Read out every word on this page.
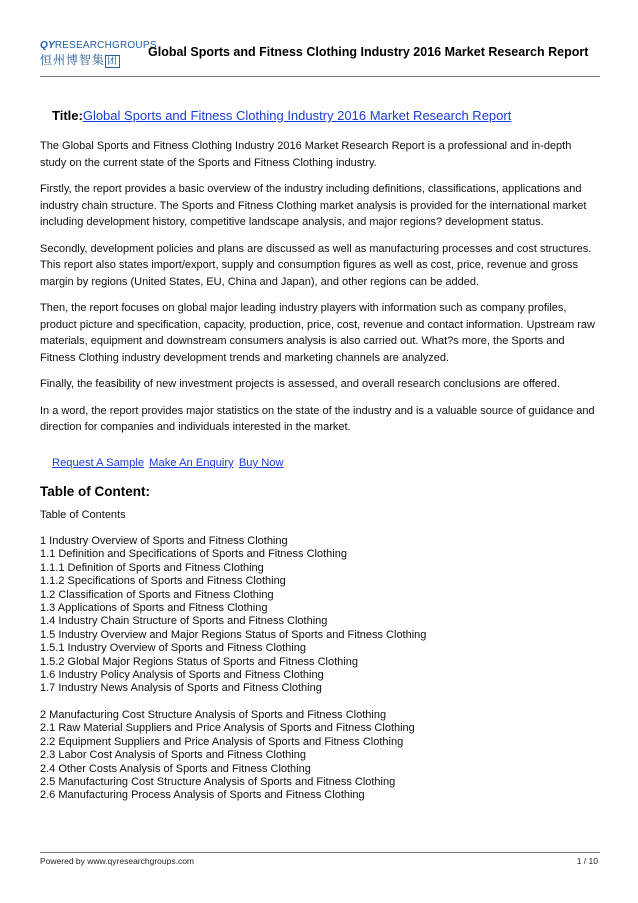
QYRESEARCHGROUPS
恒州博智集 团
Global Sports and Fitness Clothing Industry 2016 Market Research Report
Title:Global Sports and Fitness Clothing Industry 2016 Market Research Report

The Global Sports and Fitness Clothing Industry 2016 Market Research Report is a professional and in-depth study on the current state of the Sports and Fitness Clothing industry.

Firstly, the report provides a basic overview of the industry including definitions, classifications, applications and industry chain structure. The Sports and Fitness Clothing market analysis is provided for the international market including development history, competitive landscape analysis, and major regions? development status.

Secondly, development policies and plans are discussed as well as manufacturing processes and cost structures. This report also states import/export, supply and consumption figures as well as cost, price, revenue and gross margin by regions (United States, EU, China and Japan), and other regions can be added.

Then, the report focuses on global major leading industry players with information such as company profiles, product picture and specification, capacity, production, price, cost, revenue and contact information. Upstream raw materials, equipment and downstream consumers analysis is also carried out. What?s more, the Sports and Fitness Clothing industry development trends and marketing channels are analyzed.

Finally, the feasibility of new investment projects is assessed, and overall research conclusions are offered.

In a word, the report provides major statistics on the state of the industry and is a valuable source of guidance and direction for companies and individuals interested in the market.

Request A Sample Make An Enquiry Buy Now
Table of Content:
Table of Contents
1 Industry Overview of Sports and Fitness Clothing
1.1 Definition and Specifications of Sports and Fitness Clothing
1.1.1 Definition of Sports and Fitness Clothing
1.1.2 Specifications of Sports and Fitness Clothing
1.2 Classification of Sports and Fitness Clothing
1.3 Applications of Sports and Fitness Clothing
1.4 Industry Chain Structure of Sports and Fitness Clothing
1.5 Industry Overview and Major Regions Status of Sports and Fitness Clothing
1.5.1 Industry Overview of Sports and Fitness Clothing
1.5.2 Global Major Regions Status of Sports and Fitness Clothing
1.6 Industry Policy Analysis of Sports and Fitness Clothing
1.7 Industry News Analysis of Sports and Fitness Clothing
2 Manufacturing Cost Structure Analysis of Sports and Fitness Clothing
2.1 Raw Material Suppliers and Price Analysis of Sports and Fitness Clothing
2.2 Equipment Suppliers and Price Analysis of Sports and Fitness Clothing
2.3 Labor Cost Analysis of Sports and Fitness Clothing
2.4 Other Costs Analysis of Sports and Fitness Clothing
2.5 Manufacturing Cost Structure Analysis of Sports and Fitness Clothing
2.6 Manufacturing Process Analysis of Sports and Fitness Clothing
Powered by www.qyresearchgroups.com	1 / 10
